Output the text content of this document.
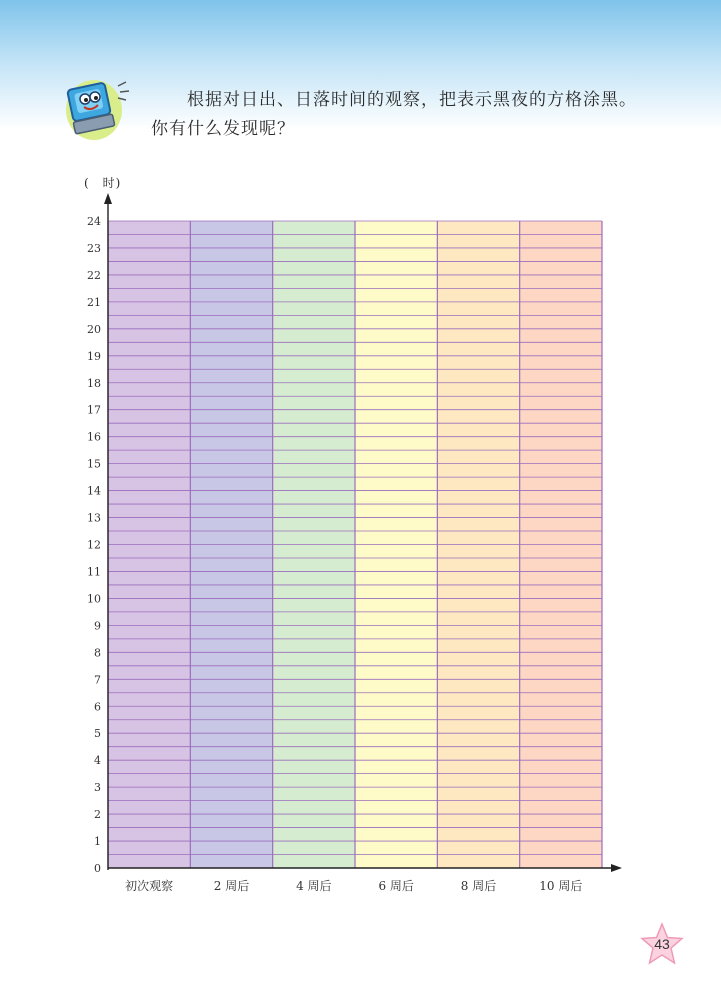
根据对日出、日落时间的观察，把表示黑夜的方格涂黑。
你有什么发现呢？
(　时)
0
1
2
3
4
5
6
7
8
9
10
11
12
13
14
15
16
17
18
19
20
21
22
23
24
初次观察	2 周后	4 周后	6 周后	8 周后	10 周后
43
